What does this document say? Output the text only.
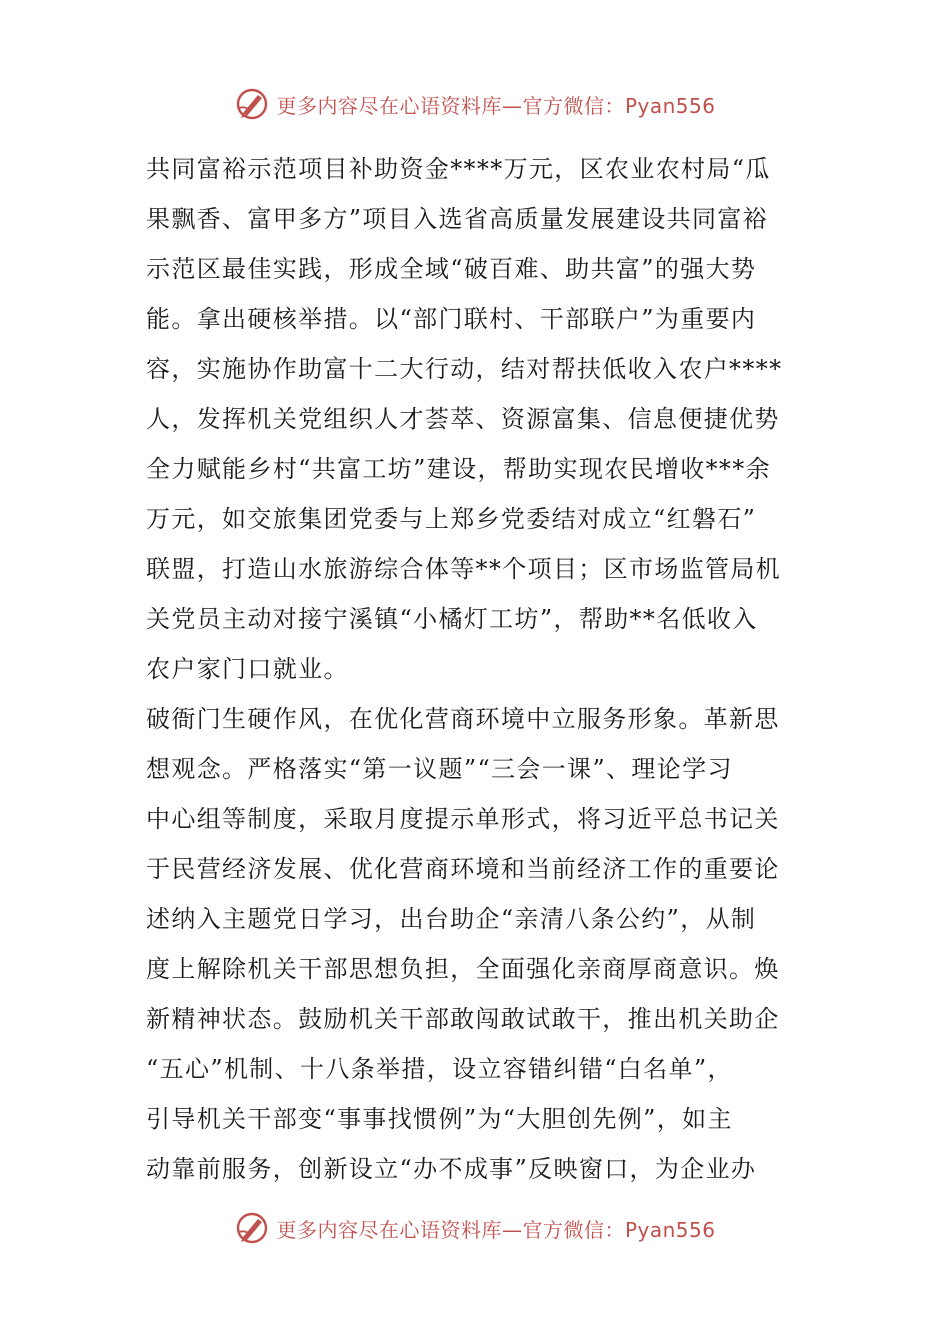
更多内容尽在心语资料库—官方微信：Pyan556
共同富裕示范项目补助资金****万元，区农业农村局“瓜
果飘香、富甲多方”项目入选省高质量发展建设共同富裕
示范区最佳实践，形成全域“破百难、助共富”的强大势
能。拿出硬核举措。以“部门联村、干部联户”为重要内
容，实施协作助富十二大行动，结对帮扶低收入农户****
人，发挥机关党组织人才荟萃、资源富集、信息便捷优势
全力赋能乡村“共富工坊”建设，帮助实现农民增收***余
万元，如交旅集团党委与上郑乡党委结对成立“红磐石”
联盟，打造山水旅游综合体等**个项目；区市场监管局机
关党员主动对接宁溪镇“小橘灯工坊”，帮助**名低收入
农户家门口就业。
破衙门生硬作风，在优化营商环境中立服务形象。革新思
想观念。严格落实“第一议题”“三会一课”、理论学习
中心组等制度，采取月度提示单形式，将习近平总书记关
于民营经济发展、优化营商环境和当前经济工作的重要论
述纳入主题党日学习，出台助企“亲清八条公约”，从制
度上解除机关干部思想负担，全面强化亲商厚商意识。焕
新精神状态。鼓励机关干部敢闯敢试敢干，推出机关助企
“五心”机制、十八条举措，设立容错纠错“白名单”，
引导机关干部变“事事找惯例”为“大胆创先例”，如主
动靠前服务，创新设立“办不成事”反映窗口，为企业办
更多内容尽在心语资料库—官方微信：Pyan556
